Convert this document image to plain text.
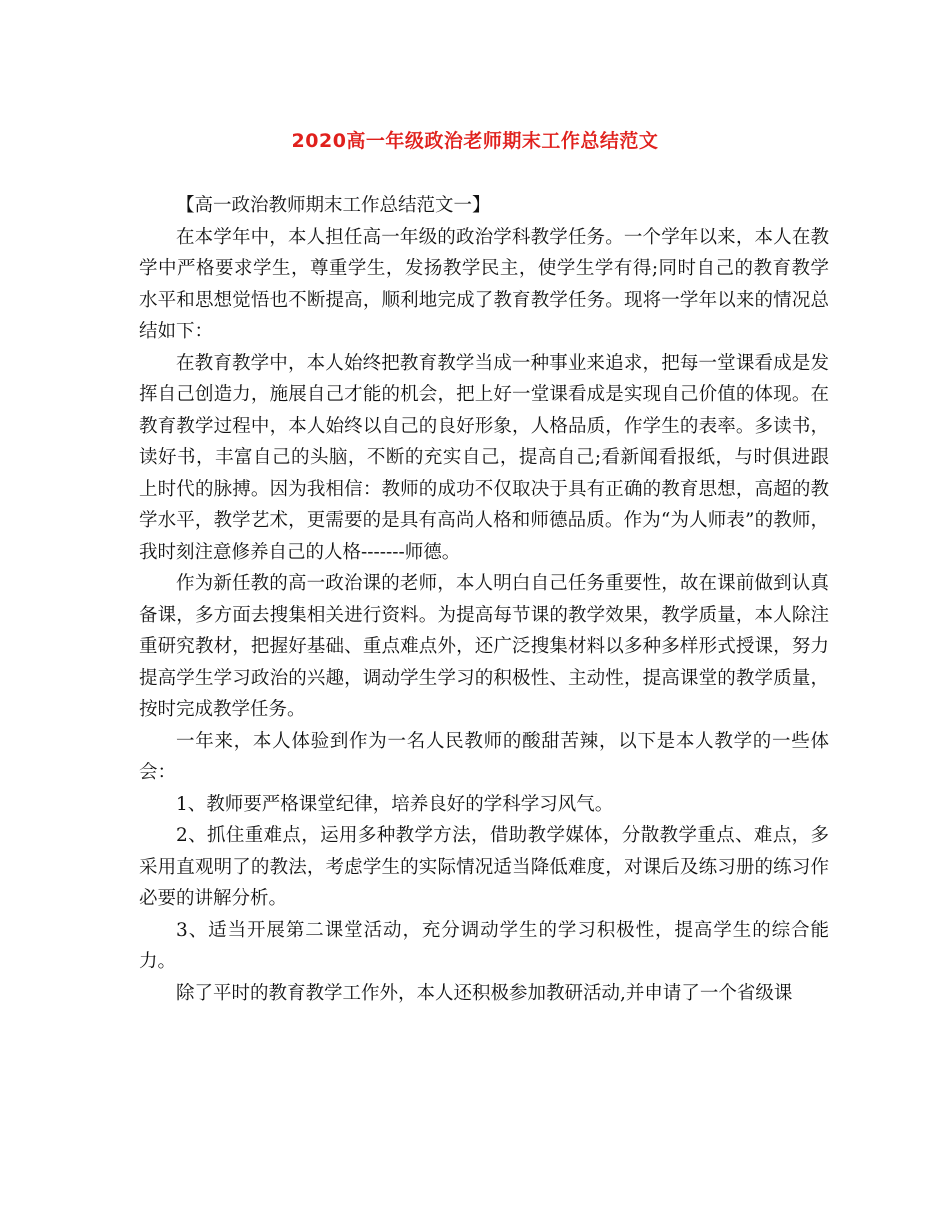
2020高一年级政治老师期末工作总结范文

【高一政治教师期末工作总结范文一】

在本学年中，本人担任高一年级的政治学科教学任务。一个学年以来，本人在教学中严格要求学生，尊重学生，发扬教学民主，使学生学有得;同时自己的教育教学水平和思想觉悟也不断提高，顺利地完成了教育教学任务。现将一学年以来的情况总结如下：

在教育教学中，本人始终把教育教学当成一种事业来追求，把每一堂课看成是发挥自己创造力，施展自己才能的机会，把上好一堂课看成是实现自己价值的体现。在教育教学过程中，本人始终以自己的良好形象，人格品质，作学生的表率。多读书，读好书，丰富自己的头脑，不断的充实自己，提高自己;看新闻看报纸，与时俱进跟上时代的脉搏。因为我相信：教师的成功不仅取决于具有正确的教育思想，高超的教学水平，教学艺术，更需要的是具有高尚人格和师德品质。作为“为人师表”的教师，我时刻注意修养自己的人格-------师德。

作为新任教的高一政治课的老师，本人明白自己任务重要性，故在课前做到认真备课，多方面去搜集相关进行资料。为提高每节课的教学效果，教学质量，本人除注重研究教材，把握好基础、重点难点外，还广泛搜集材料以多种多样形式授课，努力提高学生学习政治的兴趣，调动学生学习的积极性、主动性，提高课堂的教学质量，按时完成教学任务。

一年来，本人体验到作为一名人民教师的酸甜苦辣，以下是本人教学的一些体会：

1、教师要严格课堂纪律，培养良好的学科学习风气。

2、抓住重难点，运用多种教学方法，借助教学媒体，分散教学重点、难点，多采用直观明了的教法，考虑学生的实际情况适当降低难度，对课后及练习册的练习作必要的讲解分析。

3、适当开展第二课堂活动，充分调动学生的学习积极性，提高学生的综合能力。

除了平时的教育教学工作外，本人还积极参加教研活动,并申请了一个省级课
